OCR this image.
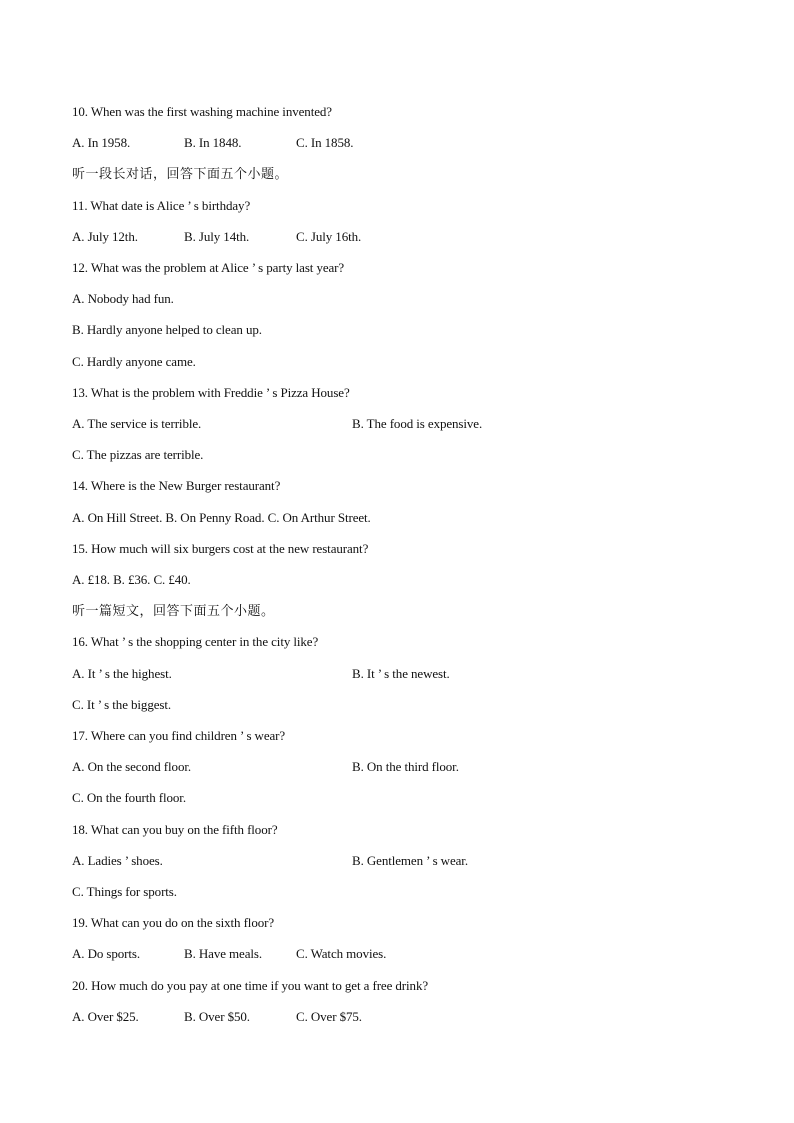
10. When was the first washing machine invented?
A. In 1958.	B. In 1848.	C. In 1858.
听一段长对话，回答下面五个小题。
11. What date is Alice ’ s birthday?
A. July 12th.	B. July 14th.	C. July 16th.
12. What was the problem at Alice ’ s party last year?
A. Nobody had fun.
B. Hardly anyone helped to clean up.
C. Hardly anyone came.
13. What is the problem with Freddie ’ s Pizza House?
A. The service is terrible.	B. The food is expensive.
C. The pizzas are terrible.
14. Where is the New Burger restaurant?
A. On Hill Street. B. On Penny Road. C. On Arthur Street.
15. How much will six burgers cost at the new restaurant?
A. £18. B. £36. C. £40.
听一篇短文，回答下面五个小题。
16. What ’ s the shopping center in the city like?
A. It ’ s the highest.	B. It ’ s the newest.
C. It ’ s the biggest.
17. Where can you find children ’ s wear?
A. On the second floor.	B. On the third floor.
C. On the fourth floor.
18. What can you buy on the fifth floor?
A. Ladies ’ shoes.	B. Gentlemen ’ s wear.
C. Things for sports.
19. What can you do on the sixth floor?
A. Do sports.	B. Have meals.	C. Watch movies.
20. How much do you pay at one time if you want to get a free drink?
A. Over $25.	B. Over $50.	C. Over $75.
